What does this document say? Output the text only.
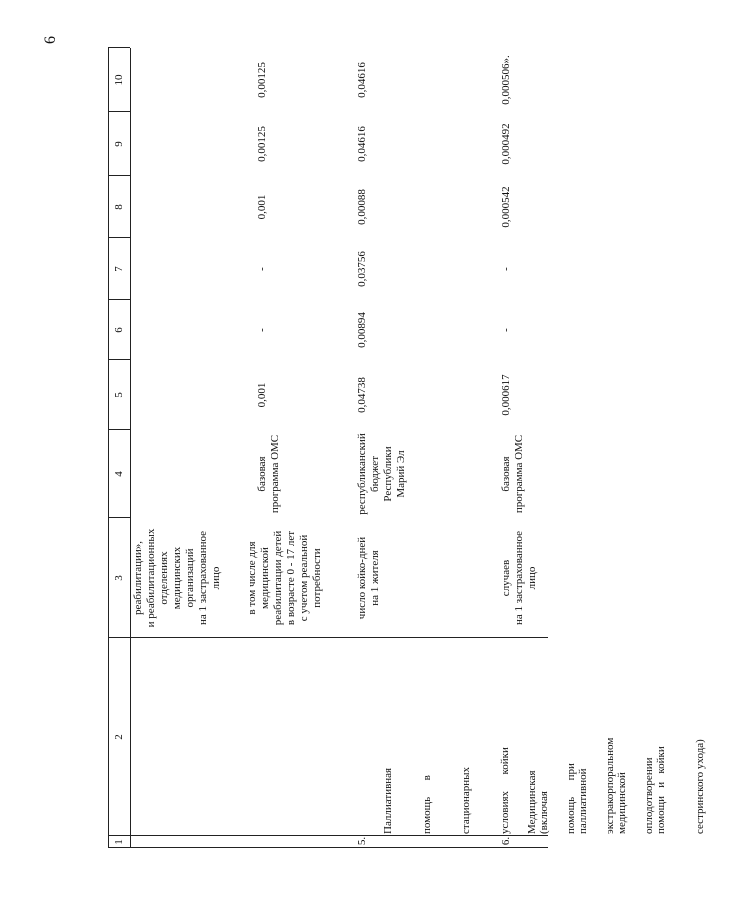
6
1
2
3
4
5
6
7
8
9
10
реабилитации», и реабилитационных отделениях медицинских организаций на 1 застрахованное лицо в том числе для медицинской реабилитации детей в возрасте 0 - 17 лет с учетом реальной потребности
базовая программа ОМС
0,001
-
-
0,001
0,00125
0,00125
5.

Паллиативная

помощь      в

стационарных

условиях      койки

(включая

паллиативной

медицинской

помощи   и   койки

сестринского ухода)

число койко-дней на 1 жителя
республиканский бюджет Республики Марий Эл
0,04738
0,00894
0,03756
0,00088
0,04616
0,04616
6.

Медицинская

помощь      при

экстракорпоральном

оплодотворении

случаев на 1 застрахованное лицо
базовая программа ОМС
0,000617
-
-
0,000542
0,000492
0,000506».
